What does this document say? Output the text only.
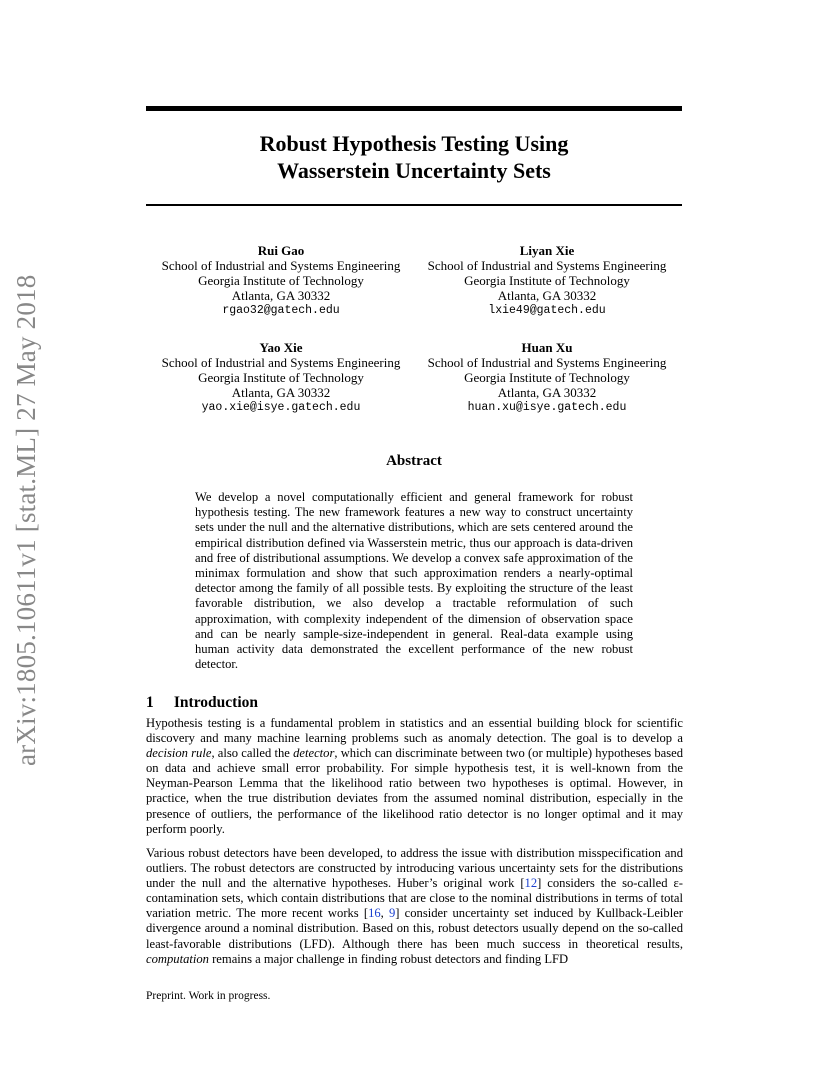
arXiv:1805.10611v1 [stat.ML] 27 May 2018
Robust Hypothesis Testing Using
Wasserstein Uncertainty Sets
Rui Gao
School of Industrial and Systems Engineering
Georgia Institute of Technology
Atlanta, GA 30332
rgao32@gatech.edu
Liyan Xie
School of Industrial and Systems Engineering
Georgia Institute of Technology
Atlanta, GA 30332
lxie49@gatech.edu
Yao Xie
School of Industrial and Systems Engineering
Georgia Institute of Technology
Atlanta, GA 30332
yao.xie@isye.gatech.edu
Huan Xu
School of Industrial and Systems Engineering
Georgia Institute of Technology
Atlanta, GA 30332
huan.xu@isye.gatech.edu
Abstract
We develop a novel computationally efficient and general framework for robust hypothesis testing. The new framework features a new way to construct uncertainty sets under the null and the alternative distributions, which are sets centered around the empirical distribution defined via Wasserstein metric, thus our approach is data-driven and free of distributional assumptions. We develop a convex safe approximation of the minimax formulation and show that such approximation renders a nearly-optimal detector among the family of all possible tests. By exploiting the structure of the least favorable distribution, we also develop a tractable reformulation of such approximation, with complexity independent of the dimension of observation space and can be nearly sample-size-independent in general. Real-data example using human activity data demonstrated the excellent performance of the new robust detector.
1 Introduction

Hypothesis testing is a fundamental problem in statistics and an essential building block for scientific discovery and many machine learning problems such as anomaly detection. The goal is to develop a decision rule, also called the detector, which can discriminate between two (or multiple) hypotheses based on data and achieve small error probability. For simple hypothesis test, it is well-known from the Neyman-Pearson Lemma that the likelihood ratio between two hypotheses is optimal. However, in practice, when the true distribution deviates from the assumed nominal distribution, especially in the presence of outliers, the performance of the likelihood ratio detector is no longer optimal and it may perform poorly.

Various robust detectors have been developed, to address the issue with distribution misspecification and outliers. The robust detectors are constructed by introducing various uncertainty sets for the distributions under the null and the alternative hypotheses. Huber’s original work [12] considers the so-called ε-contamination sets, which contain distributions that are close to the nominal distributions in terms of total variation metric. The more recent works [16, 9] consider uncertainty set induced by Kullback-Leibler divergence around a nominal distribution. Based on this, robust detectors usually depend on the so-called least-favorable distributions (LFD). Although there has been much success in theoretical results, computation remains a major challenge in finding robust detectors and finding LFD

Preprint. Work in progress.
